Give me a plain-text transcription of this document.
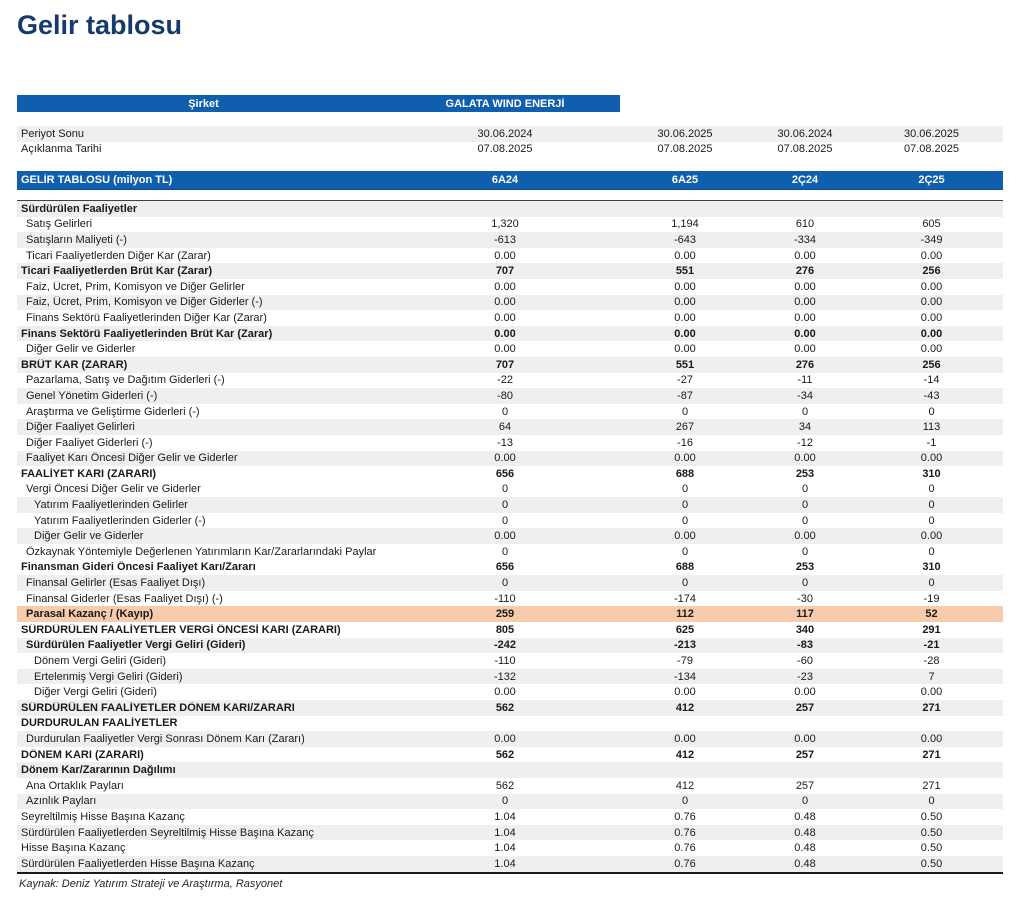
Gelir tablosu
Şirket	GALATA WIND ENERJİ
Periyot Sonu	30.06.2024	30.06.2025	30.06.2024	30.06.2025
Açıklanma Tarihi	07.08.2025	07.08.2025	07.08.2025	07.08.2025
GELİR TABLOSU (milyon TL)	6A24	6A25	2Ç24	2Ç25
Sürdürülen Faaliyetler
Satış Gelirleri	1,320	1,194	610	605
Satışların Maliyeti (-)	-613	-643	-334	-349
Ticari Faaliyetlerden Diğer Kar (Zarar)	0.00	0.00	0.00	0.00
Ticari Faaliyetlerden Brüt Kar (Zarar)	707	551	276	256
Faiz, Ücret, Prim, Komisyon ve Diğer Gelirler	0.00	0.00	0.00	0.00
Faiz, Ücret, Prim, Komisyon ve Diğer Giderler (-)	0.00	0.00	0.00	0.00
Finans Sektörü Faaliyetlerinden Diğer Kar (Zarar)	0.00	0.00	0.00	0.00
Finans Sektörü Faaliyetlerinden Brüt Kar (Zarar)	0.00	0.00	0.00	0.00
Diğer Gelir ve Giderler	0.00	0.00	0.00	0.00
BRÜT KAR (ZARAR)	707	551	276	256
Pazarlama, Satış ve Dağıtım Giderleri (-)	-22	-27	-11	-14
Genel Yönetim Giderleri (-)	-80	-87	-34	-43
Araştırma ve Geliştirme Giderleri (-)	0	0	0	0
Diğer Faaliyet Gelirleri	64	267	34	113
Diğer Faaliyet Giderleri (-)	-13	-16	-12	-1
Faaliyet Karı Öncesi Diğer Gelir ve Giderler	0.00	0.00	0.00	0.00
FAALİYET KARI (ZARARI)	656	688	253	310
Vergi Öncesi Diğer Gelir ve Giderler	0	0	0	0
Yatırım Faaliyetlerinden Gelirler	0	0	0	0
Yatırım Faaliyetlerinden Giderler (-)	0	0	0	0
Diğer Gelir ve Giderler	0.00	0.00	0.00	0.00
Özkaynak Yöntemiyle Değerlenen Yatırımların Kar/Zararlarındaki Paylar	0	0	0	0
Finansman Gideri Öncesi Faaliyet Karı/Zararı	656	688	253	310
Finansal Gelirler (Esas Faaliyet Dışı)	0	0	0	0
Finansal Giderler (Esas Faaliyet Dışı) (-)	-110	-174	-30	-19
Parasal Kazanç / (Kayıp)	259	112	117	52
SÜRDÜRÜLEN FAALİYETLER VERGİ ÖNCESİ KARI (ZARARI)	805	625	340	291
Sürdürülen Faaliyetler Vergi Geliri (Gideri)	-242	-213	-83	-21
Dönem Vergi Geliri (Gideri)	-110	-79	-60	-28
Ertelenmiş Vergi Geliri (Gideri)	-132	-134	-23	7
Diğer Vergi Geliri (Gideri)	0.00	0.00	0.00	0.00
SÜRDÜRÜLEN FAALİYETLER DÖNEM KARI/ZARARI	562	412	257	271
DURDURULAN FAALİYETLER
Durdurulan Faaliyetler Vergi Sonrası Dönem Karı (Zararı)	0.00	0.00	0.00	0.00
DÖNEM KARI (ZARARI)	562	412	257	271
Dönem Kar/Zararının Dağılımı
Ana Ortaklık Payları	562	412	257	271
Azınlık Payları	0	0	0	0
Seyreltilmiş Hisse Başına Kazanç	1.04	0.76	0.48	0.50
Sürdürülen Faaliyetlerden Seyreltilmiş Hisse Başına Kazanç	1.04	0.76	0.48	0.50
Hisse Başına Kazanç	1.04	0.76	0.48	0.50
Sürdürülen Faaliyetlerden Hisse Başına Kazanç	1.04	0.76	0.48	0.50
Kaynak: Deniz Yatırım Strateji ve Araştırma, Rasyonet
